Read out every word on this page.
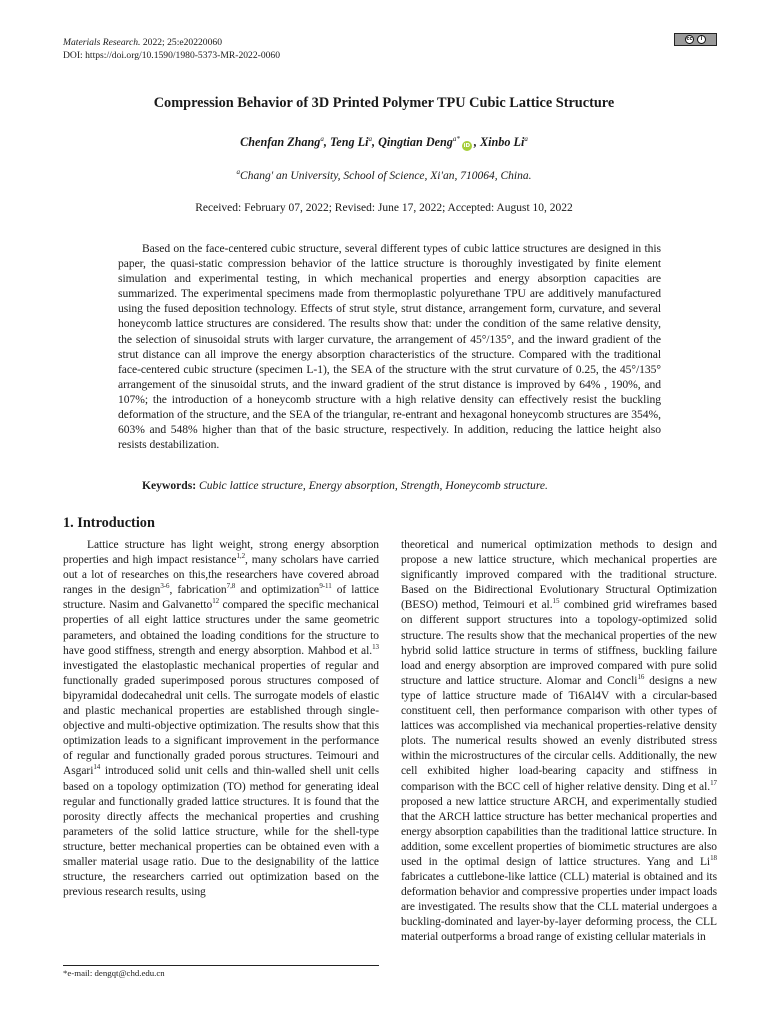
Materials Research. 2022; 25:e20220060
DOI: https://doi.org/10.1590/1980-5373-MR-2022-0060
cc	i
Compression Behavior of 3D Printed Polymer TPU Cubic Lattice Structure
Chenfan Zhang$^a$, Teng Li$^a$, Qingtian Deng$^{a*}$iD , Xinbo Li$^a$
$^a$Chang' an University, School of Science, Xi'an, 710064, China.
Received: February 07, 2022; Revised: June 17, 2022; Accepted: August 10, 2022

Based on the face-centered cubic structure, several different types of cubic lattice structures are designed in this paper, the quasi-static compression behavior of the lattice structure is thoroughly investigated by finite element simulation and experimental testing, in which mechanical properties and energy absorption capacities are summarized. The experimental specimens made from thermoplastic polyurethane TPU are additively manufactured using the fused deposition technology. Effects of strut style, strut distance, arrangement form, curvature, and several honeycomb lattice structures are considered. The results show that: under the condition of the same relative density, the selection of sinusoidal struts with larger curvature, the arrangement of 45°/135°, and the inward gradient of the strut distance can all improve the energy absorption characteristics of the structure. Compared with the traditional face-centered cubic structure (specimen L-1), the SEA of the structure with the strut curvature of 0.25, the 45°/135° arrangement of the sinusoidal struts, and the inward gradient of the strut distance is improved by 64% , 190%, and 107%; the introduction of a honeycomb structure with a high relative density can effectively resist the buckling deformation of the structure, and the SEA of the triangular, re-entrant and hexagonal honeycomb structures are 354%, 603% and 548% higher than that of the basic structure, respectively. In addition, reducing the lattice height also resists destabilization.

Keywords: Cubic lattice structure, Energy absorption, Strength, Honeycomb structure.
1. Introduction

Lattice structure has light weight, strong energy absorption properties and high impact resistance$^{1,2}$, many scholars have carried out a lot of researches on this,the researchers have covered abroad ranges in the design$^{3-6}$, fabrication$^{7,8}$ and optimization$^{9-11}$ of lattice structure. Nasim and Galvanetto$^{12}$ compared the specific mechanical properties of all eight lattice structures under the same geometric parameters, and obtained the loading conditions for the structure to have good stiffness, strength and energy absorption. Mahbod et al.$^{13}$ investigated the elastoplastic mechanical properties of regular and functionally graded superimposed porous structures composed of bipyramidal dodecahedral unit cells. The surrogate models of elastic and plastic mechanical properties are established through single-objective and multi-objective optimization. The results show that this optimization leads to a significant improvement in the performance of regular and functionally graded porous structures. Teimouri and Asgari$^{14}$ introduced solid unit cells and thin-walled shell unit cells based on a topology optimization (TO) method for generating ideal regular and functionally graded lattice structures. It is found that the porosity directly affects the mechanical properties and crushing parameters of the solid lattice structure, while for the shell-type structure, better mechanical properties can be obtained even with a smaller material usage ratio. Due to the designability of the lattice structure, the researchers carried out optimization based on the previous research results, using

theoretical and numerical optimization methods to design and propose a new lattice structure, which mechanical properties are significantly improved compared with the traditional structure. Based on the Bidirectional Evolutionary Structural Optimization (BESO) method, Teimouri et al.$^{15}$ combined grid wireframes based on different support structures into a topology-optimized solid structure. The results show that the mechanical properties of the new hybrid solid lattice structure in terms of stiffness, buckling failure load and energy absorption are improved compared with pure solid structure and lattice structure. Alomar and Concli$^{16}$ designs a new type of lattice structure made of Ti6Al4V with a circular-based constituent cell, then performance comparison with other types of lattices was accomplished via mechanical properties-relative density plots. The numerical results showed an evenly distributed stress within the microstructures of the circular cells. Additionally, the new cell exhibited higher load-bearing capacity and stiffness in comparison with the BCC cell of higher relative density. Ding et al.$^{17}$ proposed a new lattice structure ARCH, and experimentally studied that the ARCH lattice structure has better mechanical properties and energy absorption capabilities than the traditional lattice structure. In addition, some excellent properties of biomimetic structures are also used in the optimal design of lattice structures. Yang and Li$^{18}$ fabricates a cuttlebone-like lattice (CLL) material is obtained and its deformation behavior and compressive properties under impact loads are investigated. The results show that the CLL material undergoes a buckling-dominated and layer-by-layer deforming process, the CLL material outperforms a broad range of existing cellular materials in

*e-mail: dengqt@chd.edu.cn
